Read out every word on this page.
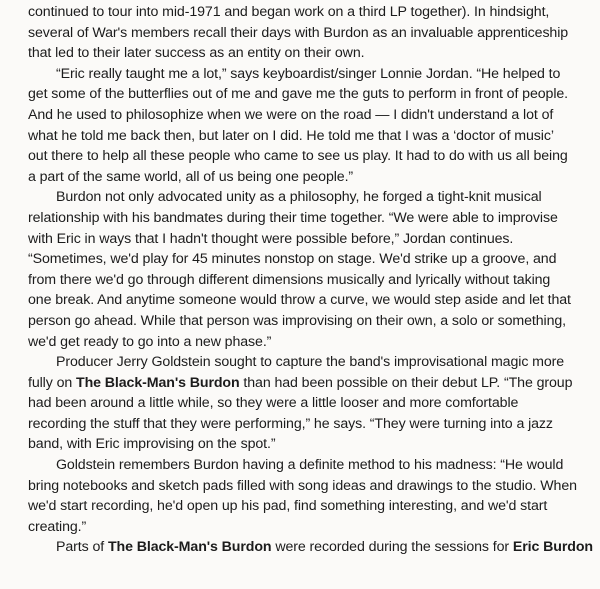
continued to tour into mid-1971 and began work on a third LP together). In hindsight,
several of War's members recall their days with Burdon as an invaluable apprenticeship
that led to their later success as an entity on their own.
“Eric really taught me a lot,” says keyboardist/singer Lonnie Jordan. “He helped to
get some of the butterflies out of me and gave me the guts to perform in front of people.
And he used to philosophize when we were on the road — I didn't understand a lot of
what he told me back then, but later on I did. He told me that I was a ‘doctor of music’
out there to help all these people who came to see us play. It had to do with us all being
a part of the same world, all of us being one people.”
Burdon not only advocated unity as a philosophy, he forged a tight-knit musical
relationship with his bandmates during their time together. “We were able to improvise
with Eric in ways that I hadn't thought were possible before,” Jordan continues.
“Sometimes, we'd play for 45 minutes nonstop on stage. We'd strike up a groove, and
from there we'd go through different dimensions musically and lyrically without taking
one break. And anytime someone would throw a curve, we would step aside and let that
person go ahead. While that person was improvising on their own, a solo or something,
we'd get ready to go into a new phase.”
Producer Jerry Goldstein sought to capture the band's improvisational magic more
fully on The Black-Man's Burdon than had been possible on their debut LP. “The group
had been around a little while, so they were a little looser and more comfortable
recording the stuff that they were performing,” he says. “They were turning into a jazz
band, with Eric improvising on the spot.”
Goldstein remembers Burdon having a definite method to his madness: “He would
bring notebooks and sketch pads filled with song ideas and drawings to the studio. When
we'd start recording, he'd open up his pad, find something interesting, and we'd start
creating.”
Parts of The Black-Man's Burdon were recorded during the sessions for Eric Burdon
